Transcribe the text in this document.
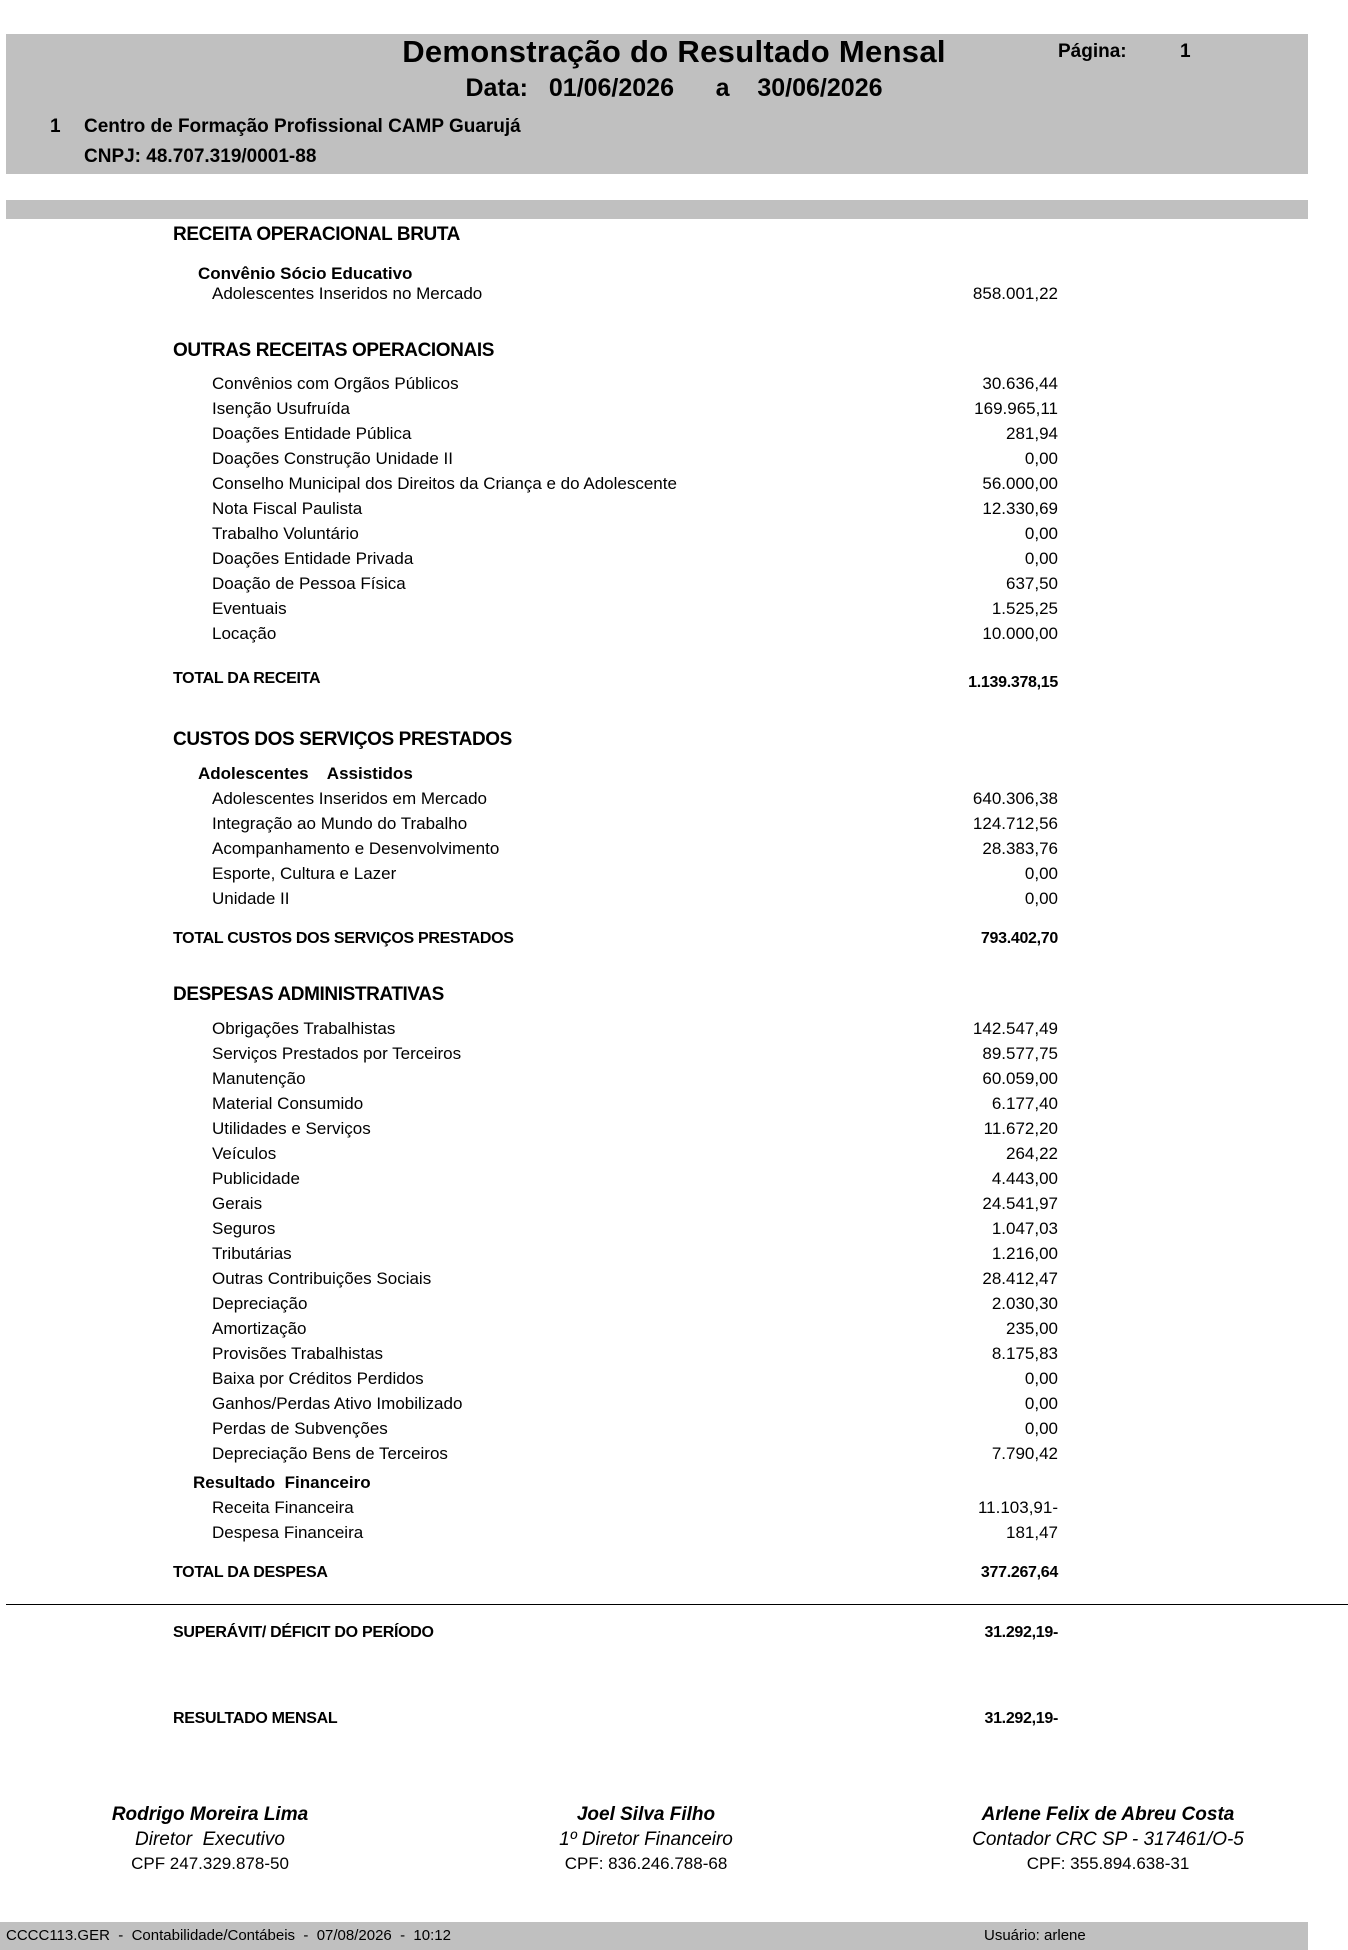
Demonstração do Resultado Mensal
Data: 01/06/2026 a 30/06/2026
Página:	1
1 Centro de Formação Profissional CAMP Guarujá
CNPJ: 48.707.319/0001-88
RECEITA OPERACIONAL BRUTA
Convênio Sócio Educativo
Adolescentes Inseridos no Mercado	858.001,22
OUTRAS RECEITAS OPERACIONAIS
Convênios com Orgãos Públicos	30.636,44
Isenção Usufruída	169.965,11
Doações Entidade Pública	281,94
Doações Construção Unidade II	0,00
Conselho Municipal dos Direitos da Criança e do Adolescente	56.000,00
Nota Fiscal Paulista	12.330,69
Trabalho Voluntário	0,00
Doações Entidade Privada	0,00
Doação de Pessoa Física	637,50
Eventuais	1.525,25
Locação	10.000,00
TOTAL DA RECEITA	1.139.378,15
CUSTOS DOS SERVIÇOS PRESTADOS
Adolescentes    Assistidos
Adolescentes Inseridos em Mercado	640.306,38
Integração ao Mundo do Trabalho	124.712,56
Acompanhamento e Desenvolvimento	28.383,76
Esporte, Cultura e Lazer	0,00
Unidade II	0,00
TOTAL CUSTOS DOS SERVIÇOS PRESTADOS	793.402,70
DESPESAS ADMINISTRATIVAS
Obrigações Trabalhistas	142.547,49
Serviços Prestados por Terceiros	89.577,75
Manutenção	60.059,00
Material Consumido	6.177,40
Utilidades e Serviços	11.672,20
Veículos	264,22
Publicidade	4.443,00
Gerais	24.541,97
Seguros	1.047,03
Tributárias	1.216,00
Outras Contribuições Sociais	28.412,47
Depreciação	2.030,30
Amortização	235,00
Provisões Trabalhistas	8.175,83
Baixa por Créditos Perdidos	0,00
Ganhos/Perdas Ativo Imobilizado	0,00
Perdas de Subvenções	0,00
Depreciação Bens de Terceiros	7.790,42
Resultado  Financeiro
Receita Financeira	11.103,91-
Despesa Financeira	181,47
TOTAL DA DESPESA	377.267,64
SUPERÁVIT/ DÉFICIT DO PERÍODO	31.292,19-
RESULTADO MENSAL	31.292,19-
Rodrigo Moreira Lima
Diretor  Executivo
CPF 247.329.878-50
Joel Silva Filho
1º Diretor Financeiro
CPF: 836.246.788-68
Arlene Felix de Abreu Costa
Contador CRC SP - 317461/O-5
CPF: 355.894.638-31
CCCC113.GER  -  Contabilidade/Contábeis  -  07/08/2026  -  10:12	Usuário: arlene
